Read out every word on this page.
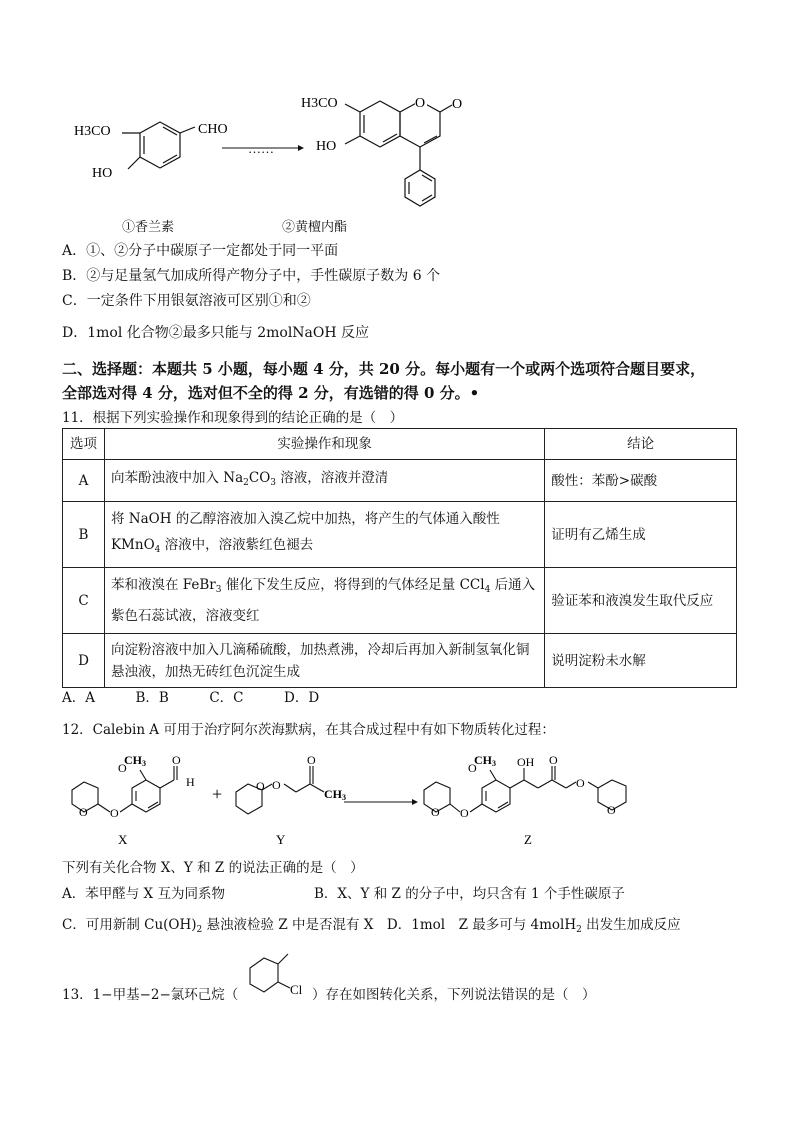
H3CO	CHO
HO
……
O O
H3CO
HO
①香兰素	②黄檀内酯
A．①、②分子中碳原子一定都处于同一平面
B．②与足量氢气加成所得产物分子中，手性碳原子数为 6 个
C．一定条件下用银氨溶液可区别①和②
D．1mol 化合物②最多只能与 2molNaOH 反应
二、选择题：本题共 5 小题，每小题 4 分，共 20 分。每小题有一个或两个选项符合题目要求，
全部选对得 4 分，选对但不全的得 2 分，有选错的得 0 分。•
11．根据下列实验操作和现象得到的结论正确的是（　）
选项	实验操作和现象	结论
A	向苯酚浊液中加入 $Na_2CO_3$ 溶液，溶液并澄清	酸性：苯酚>碳酸
B	将 NaOH 的乙醇溶液加入溴乙烷中加热，将产生的气体通入酸性
KMnO$_4$ 溶液中，溶液紫红色褪去	证明有乙烯生成
C	苯和液溴在 FeBr$_3$ 催化下发生反应，将得到的气体经足量 CCl$_4$ 后通入
紫色石蕊试液，溶液变红	验证苯和液溴发生取代反应
D	向淀粉溶液中加入几滴稀硫酸，加热煮沸，冷却后再加入新制氢氧化铜
悬浊液，加热无砖红色沉淀生成	说明淀粉未水解
A．A　　　B．B　　　C．C　　　D．D
12．Calebin A 可用于治疗阿尔茨海默病，在其合成过程中有如下物质转化过程：
O O
O
CH3 O
H
X
+	O O
O
CH3
Y
O O
O
CH3 OH O
O
O
Z
下列有关化合物 X、Y 和 Z 的说法正确的是（　）
A．苯甲醛与 X 互为同系物	B．X、Y 和 Z 的分子中，均只含有 1 个手性碳原子
C．可用新制 $Cu(OH)_2$ 悬浊液检验 Z 中是否混有 X　D．1mol　Z 最多可与 4molH$_2$ 出发生加成反应
13．1−甲基−2−氯环己烷（	Cl ）存在如图转化关系，下列说法错误的是（　）
